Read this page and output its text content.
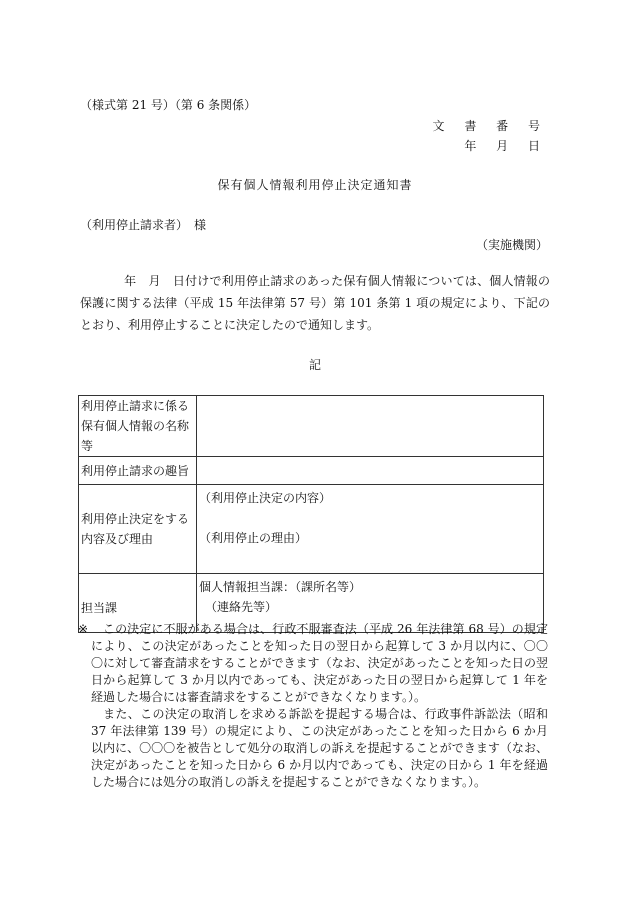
（様式第 21 号）（第 6 条関係）
文 書 番 号
年 月 日
保有個人情報利用停止決定通知書
（利用停止請求者）　様
（実施機関）
年　月　日付けで利用停止請求のあった保有個人情報については、個人情報の保護に関する法律（平成 15 年法律第 57 号）第 101 条第 1 項の規定により、下記のとおり、利用停止することに決定したので通知します。
記
利用停止請求に係る保有個人情報の名称等	
利用停止請求の趣旨	
利用停止決定をする内容及び理由	（利用停止決定の内容）
（利用停止の理由）

担当課	個人情報担当課：（課所名等）
（連絡先等）
※	この決定に不服がある場合は、行政不服審査法（平成 26 年法律第 68 号）の規定により、この決定があったことを知った日の翌日から起算して 3 か月以内に、〇〇〇に対して審査請求をすることができます（なお、決定があったことを知った日の翌日から起算して 3 か月以内であっても、決定があった日の翌日から起算して 1 年を経過した場合には審査請求をすることができなくなります。）。

また、この決定の取消しを求める訴訟を提起する場合は、行政事件訴訟法（昭和 37 年法律第 139 号）の規定により、この決定があったことを知った日から 6 か月以内に、〇〇〇を被告として処分の取消しの訴えを提起することができます（なお、決定があったことを知った日から 6 か月以内であっても、決定の日から 1 年を経過した場合には処分の取消しの訴えを提起することができなくなります。）。
